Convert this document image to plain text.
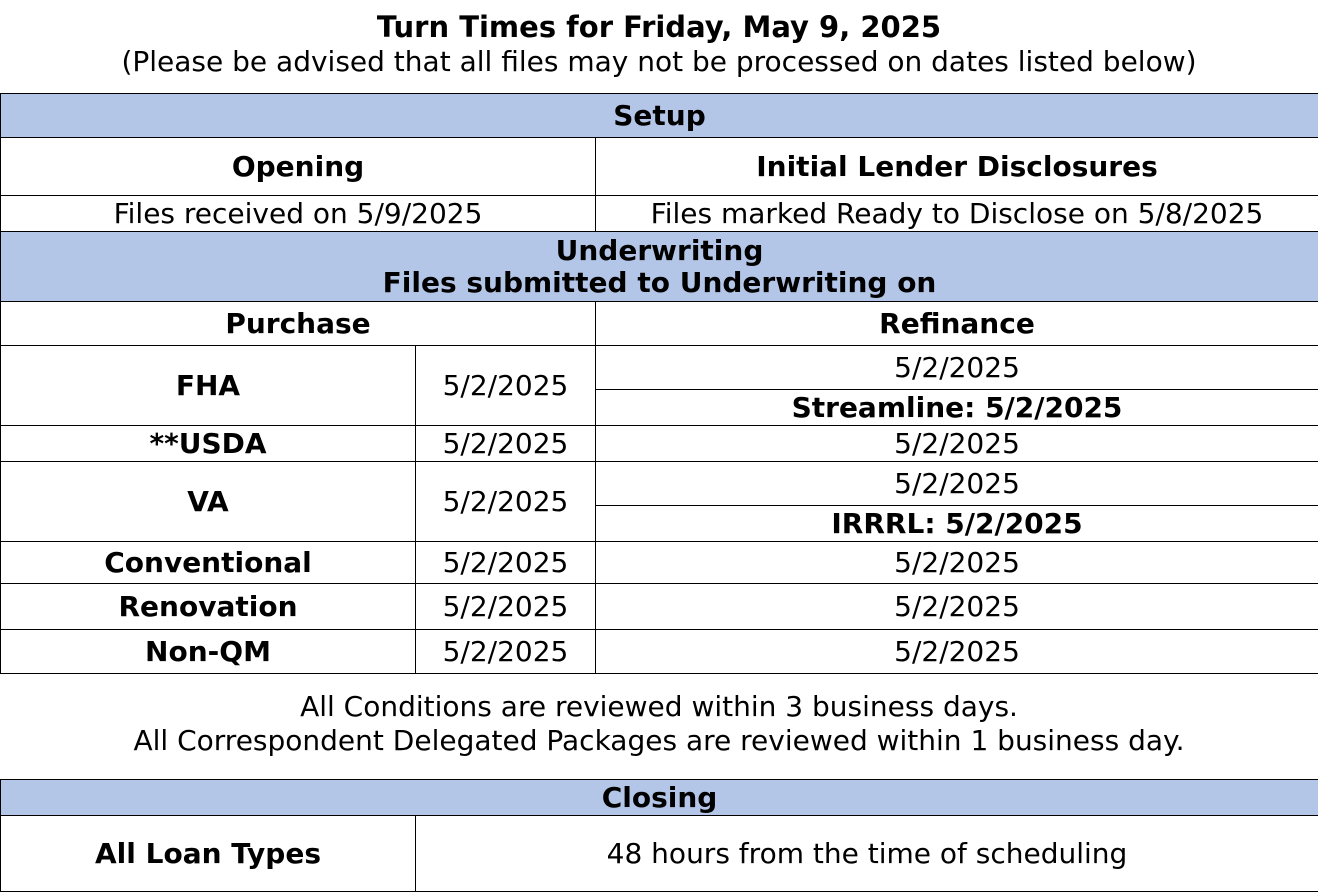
Turn Times for Friday, May 9, 2025
(Please be advised that all files may not be processed on dates listed below)
Setup		
Opening		Initial Lender Disclosures
Files received on 5/9/2025		Files marked Ready to Disclose on 5/8/2025

Underwriting
Files submitted to Underwriting on		

Purchase		Refinance
FHA	5/2/2025	5/2/2025
		Streamline: 5/2/2025
**USDA	5/2/2025	5/2/2025
VA	5/2/2025	5/2/2025
		IRRRL: 5/2/2025
Conventional	5/2/2025	5/2/2025
Renovation	5/2/2025	5/2/2025
Non-QM	5/2/2025	5/2/2025
All Conditions are reviewed within 3 business days.
All Correspondent Delegated Packages are reviewed within 1 business day.
Closing
All Loan Types	48 hours from the time of scheduling
